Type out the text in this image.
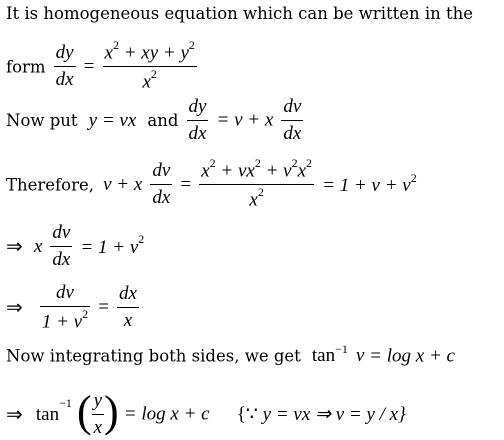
It is homogeneous equation which can be written in the
form $\frac{dy}{dx} = \frac{x^2 + xy + y^2}{x^2}$
Now put y = vx and $\frac{dy}{dx} = v + x \frac{dv}{dx}$
Therefore, v + x $\frac{dv}{dx} = \frac{x^2 + vx^2 + v^2x^2}{x^2} = 1 + v + v^2$
⇒ x $\frac{dv}{dx} = 1 + v^2$
⇒ $\frac{dv}{1 + v^2} = \frac{dx}{x}$
Now integrating both sides, we get $\tan^{-1} v = \log x + c$
⇒ $\tan^{-1}$ ( $\frac{y}{x}$ ) = log x + c {∵ y = vx ⇒ v = y / x}
